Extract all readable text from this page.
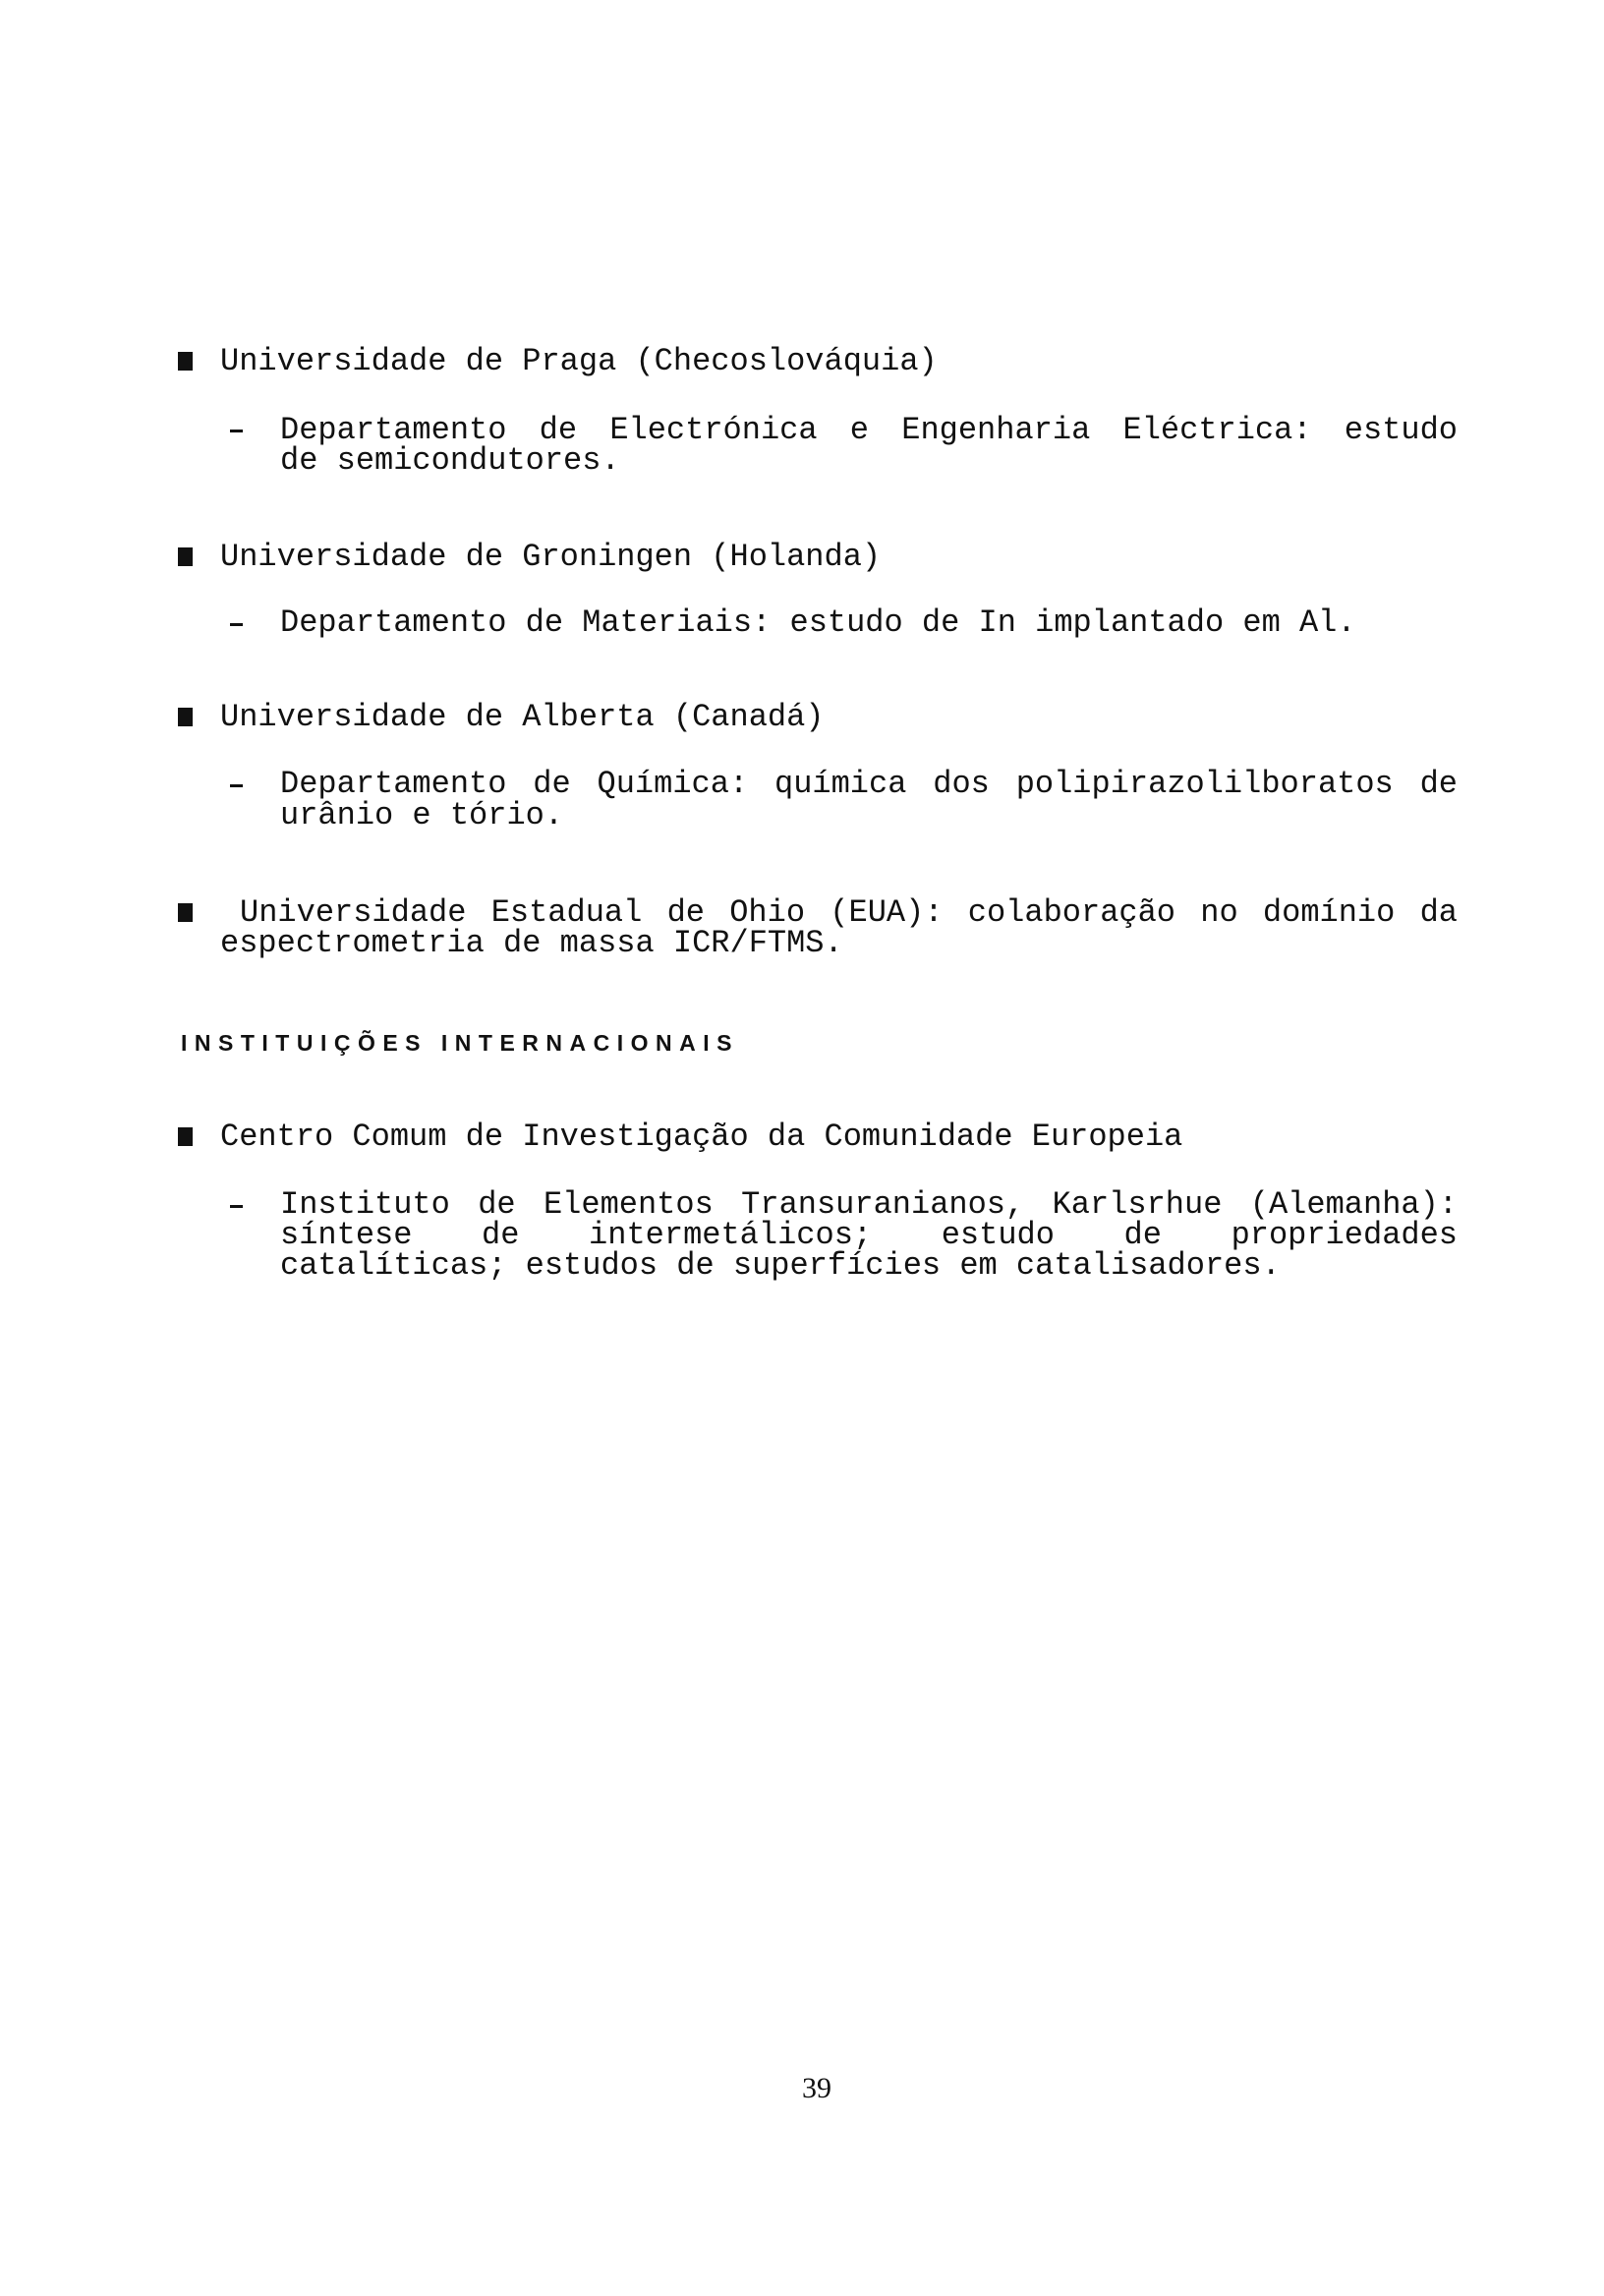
Universidade de Praga (Checoslováquia)
Departamento de Electrónica e Engenharia Eléctrica: estudo
de semicondutores.
Universidade de Groningen (Holanda)
Departamento de Materiais: estudo de In implantado em Al.
Universidade de Alberta (Canadá)
Departamento de Química: química dos polipirazolilboratos de
urânio e tório.
Universidade Estadual de Ohio (EUA): colaboração no domínio da
espectrometria de massa ICR/FTMS.
INSTITUIÇÕES INTERNACIONAIS
Centro Comum de Investigação da Comunidade Europeia
Instituto de Elementos Transuranianos, Karlsrhue (Alemanha):
síntese de intermetálicos; estudo de propriedades
catalíticas; estudos de superfícies em catalisadores.
39
